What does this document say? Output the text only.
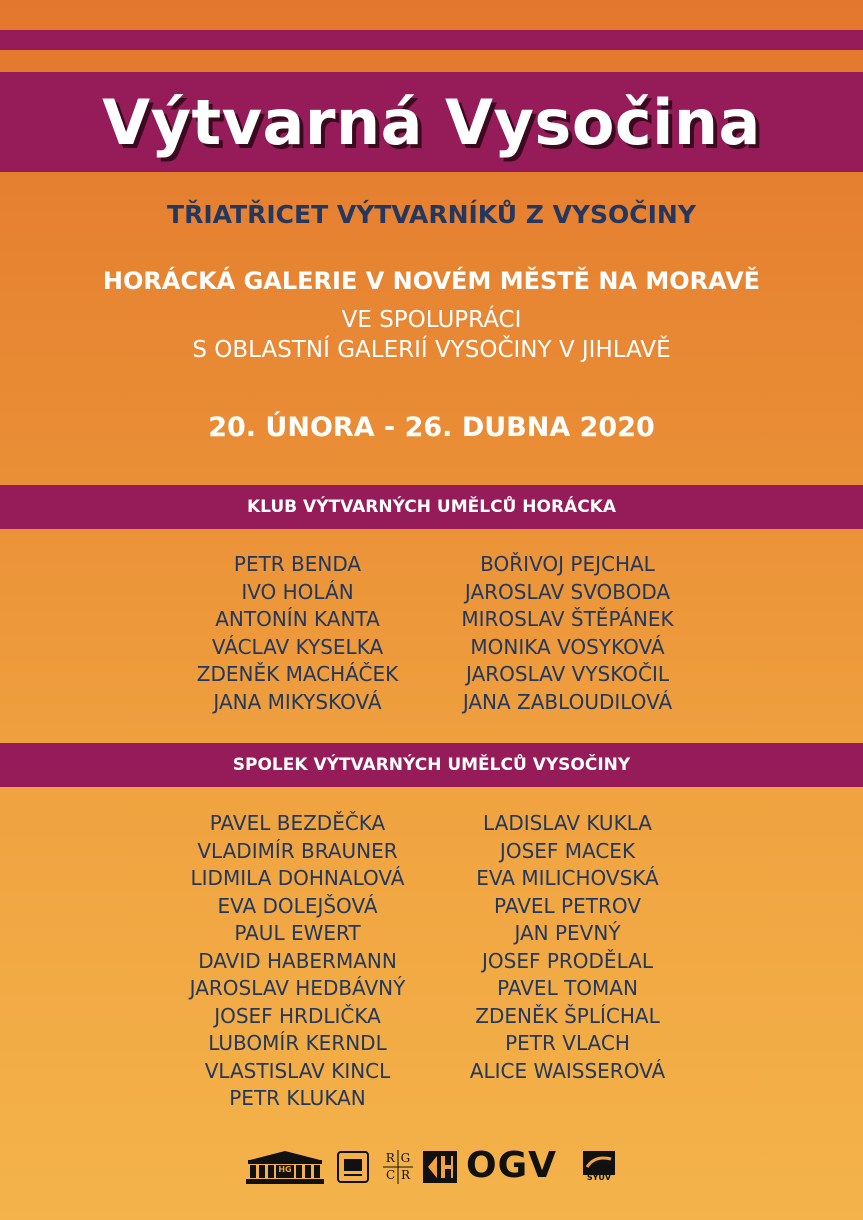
Výtvarná Vysočina
TŘIATŘICET VÝTVARNÍKŮ Z VYSOČINY
HORÁCKÁ GALERIE V NOVÉM MĚSTĚ NA MORAVĚ
VE SPOLUPRÁCI
S OBLASTNÍ GALERIÍ VYSOČINY V JIHLAVĚ
20. ÚNORA - 26. DUBNA 2020
KLUB VÝTVARNÝCH UMĚLCŮ HORÁCKA
PETR BENDA
IVO HOLÁN
ANTONÍN KANTA
VÁCLAV KYSELKA
ZDENĚK MACHÁČEK
JANA MIKYSKOVÁ
BOŘIVOJ PEJCHAL
JAROSLAV SVOBODA
MIROSLAV ŠTĚPÁNEK
MONIKA VOSYKOVÁ
JAROSLAV VYSKOČIL
JANA ZABLOUDILOVÁ
SPOLEK VÝTVARNÝCH UMĚLCŮ VYSOČINY
PAVEL BEZDĚČKA
VLADIMÍR BRAUNER
LIDMILA DOHNALOVÁ
EVA DOLEJŠOVÁ
PAUL EWERT
DAVID HABERMANN
JAROSLAV HEDBÁVNÝ
JOSEF HRDLIČKA
LUBOMÍR KERNDL
VLASTISLAV KINCL
PETR KLUKAN
LADISLAV KUKLA
JOSEF MACEK
EVA MILICHOVSKÁ
PAVEL PETROV
JAN PEVNÝ
JOSEF PRODĚLAL
PAVEL TOMAN
ZDENĚK ŠPLÍCHAL
PETR VLACH
ALICE WAISSEROVÁ
HG
R G
C R OGV	SYUV
